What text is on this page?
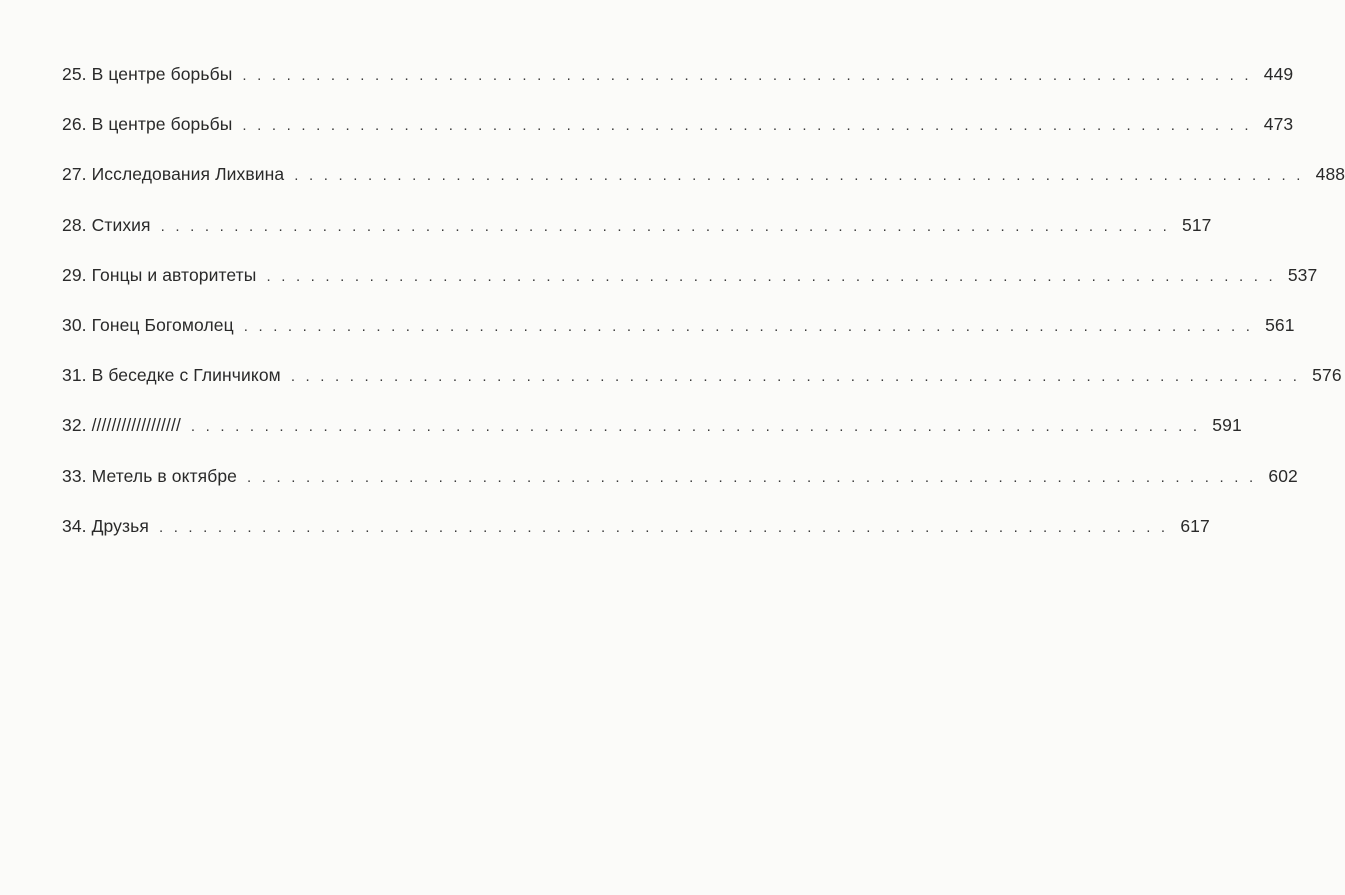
25. В центре борьбы . . . . . . . . . . . . . . . . . . . . . . . . . . . . . . . . . . . . . . . . . . . . . . . . . . . . . . . . . . . . . . . . . . . . . 449
26. В центре борьбы . . . . . . . . . . . . . . . . . . . . . . . . . . . . . . . . . . . . . . . . . . . . . . . . . . . . . . . . . . . . . . . . . . . . . 473
27. Исследования Лихвина . . . . . . . . . . . . . . . . . . . . . . . . . . . . . . . . . . . . . . . . . . . . . . . . . . . . . . . . . . . . . . . . . . . . . 488
28. Стихия . . . . . . . . . . . . . . . . . . . . . . . . . . . . . . . . . . . . . . . . . . . . . . . . . . . . . . . . . . . . . . . . . . . . . 517
29. Гонцы и авторитеты . . . . . . . . . . . . . . . . . . . . . . . . . . . . . . . . . . . . . . . . . . . . . . . . . . . . . . . . . . . . . . . . . . . . . 537
30. Гонец Богомолец . . . . . . . . . . . . . . . . . . . . . . . . . . . . . . . . . . . . . . . . . . . . . . . . . . . . . . . . . . . . . . . . . . . . . 561
31. В беседке с Глинчиком . . . . . . . . . . . . . . . . . . . . . . . . . . . . . . . . . . . . . . . . . . . . . . . . . . . . . . . . . . . . . . . . . . . . . 576
32. ////////////////// . . . . . . . . . . . . . . . . . . . . . . . . . . . . . . . . . . . . . . . . . . . . . . . . . . . . . . . . . . . . . . . . . . . . . 591
33. Метель в октябре . . . . . . . . . . . . . . . . . . . . . . . . . . . . . . . . . . . . . . . . . . . . . . . . . . . . . . . . . . . . . . . . . . . . . 602
34. Друзья . . . . . . . . . . . . . . . . . . . . . . . . . . . . . . . . . . . . . . . . . . . . . . . . . . . . . . . . . . . . . . . . . . . . . 617
